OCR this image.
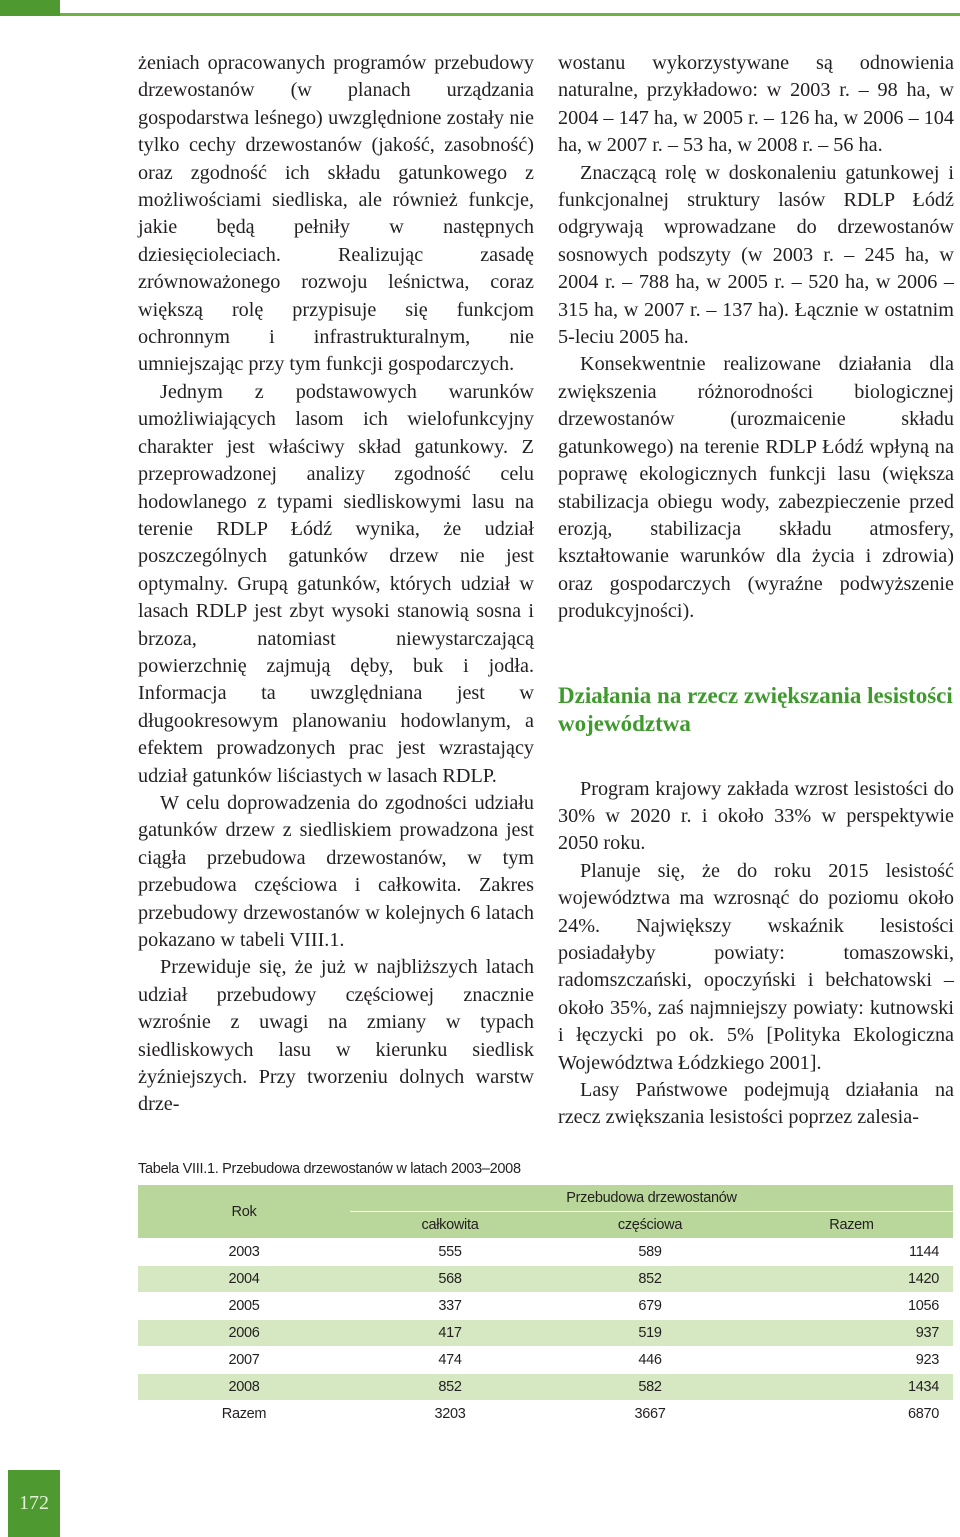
żeniach opracowanych programów przebudowy drzewostanów (w planach urządzania gospodarstwa leśnego) uwzględnione zostały nie tylko cechy drzewostanów (jakość, zasobność) oraz zgodność ich składu gatunkowego z możliwościami siedliska, ale również funkcje, jakie będą pełniły w następnych dziesięcioleciach. Realizując zasadę zrównoważonego rozwoju leśnictwa, coraz większą rolę przypisuje się funkcjom ochronnym i infrastrukturalnym, nie umniejszając przy tym funkcji gospodarczych.

Jednym z podstawowych warunków umożliwiających lasom ich wielofunkcyjny charakter jest właściwy skład gatunkowy. Z przeprowadzonej analizy zgodność celu hodowlanego z typami siedliskowymi lasu na terenie RDLP Łódź wynika, że udział poszczególnych gatunków drzew nie jest optymalny. Grupą gatunków, których udział w lasach RDLP jest zbyt wysoki stanowią sosna i brzoza, natomiast niewystarczającą powierzchnię zajmują dęby, buk i jodła. Informacja ta uwzględniana jest w długookresowym planowaniu hodowlanym, a efektem prowadzonych prac jest wzrastający udział gatunków liściastych w lasach RDLP.

W celu doprowadzenia do zgodności udziału gatunków drzew z siedliskiem prowadzona jest ciągła przebudowa drzewostanów, w tym przebudowa częściowa i całkowita. Zakres przebudowy drzewostanów w kolejnych 6 latach pokazano w tabeli VIII.1.

Przewiduje się, że już w najbliższych latach udział przebudowy częściowej znacznie wzrośnie z uwagi na zmiany w typach siedliskowych lasu w kierunku siedlisk żyźniejszych. Przy tworzeniu dolnych warstw drze-

wostanu wykorzystywane są odnowienia naturalne, przykładowo: w 2003 r. – 98 ha, w 2004 – 147 ha, w 2005 r. – 126 ha, w 2006 – 104 ha, w 2007 r. – 53 ha, w 2008 r. – 56 ha.

Znaczącą rolę w doskonaleniu gatunkowej i funkcjonalnej struktury lasów RDLP Łódź odgrywają wprowadzane do drzewostanów sosnowych podszyty (w 2003 r. – 245 ha, w 2004 r. – 788 ha, w 2005 r. – 520 ha, w 2006 – 315 ha, w 2007 r. – 137 ha). Łącznie w ostatnim 5-leciu 2005 ha.

Konsekwentnie realizowane działania dla zwiększenia różnorodności biologicznej drzewostanów (urozmaicenie składu gatunkowego) na terenie RDLP Łódź wpłyną na poprawę ekologicznych funkcji lasu (większa stabilizacja obiegu wody, zabezpieczenie przed erozją, stabilizacja składu atmosfery, kształtowanie warunków dla życia i zdrowia) oraz gospodarczych (wyraźne podwyższenie produkcyjności).

Działania na rzecz zwiększania lesistości województwa

Program krajowy zakłada wzrost lesistości do 30% w 2020 r. i około 33% w perspektywie 2050 roku.

Planuje się, że do roku 2015 lesistość województwa ma wzrosnąć do poziomu około 24%. Największy wskaźnik lesistości posiadałyby powiaty: tomaszowski, radomszczański, opoczyński i bełchatowski – około 35%, zaś najmniejszy powiaty: kutnowski i łęczycki po ok. 5% [Polityka Ekologiczna Województwa Łódzkiego 2001].

Lasy Państwowe podejmują działania na rzecz zwiększania lesistości poprzez zalesia-

Tabela VIII.1. Przebudowa drzewostanów w latach 2003–2008
Rok	Przebudowa drzewostanów		
	całkowita	częściowa	Razem
2003	555	589	1144
2004	568	852	1420
2005	337	679	1056
2006	417	519	937
2007	474	446	923
2008	852	582	1434
Razem	3203	3667	6870
172
